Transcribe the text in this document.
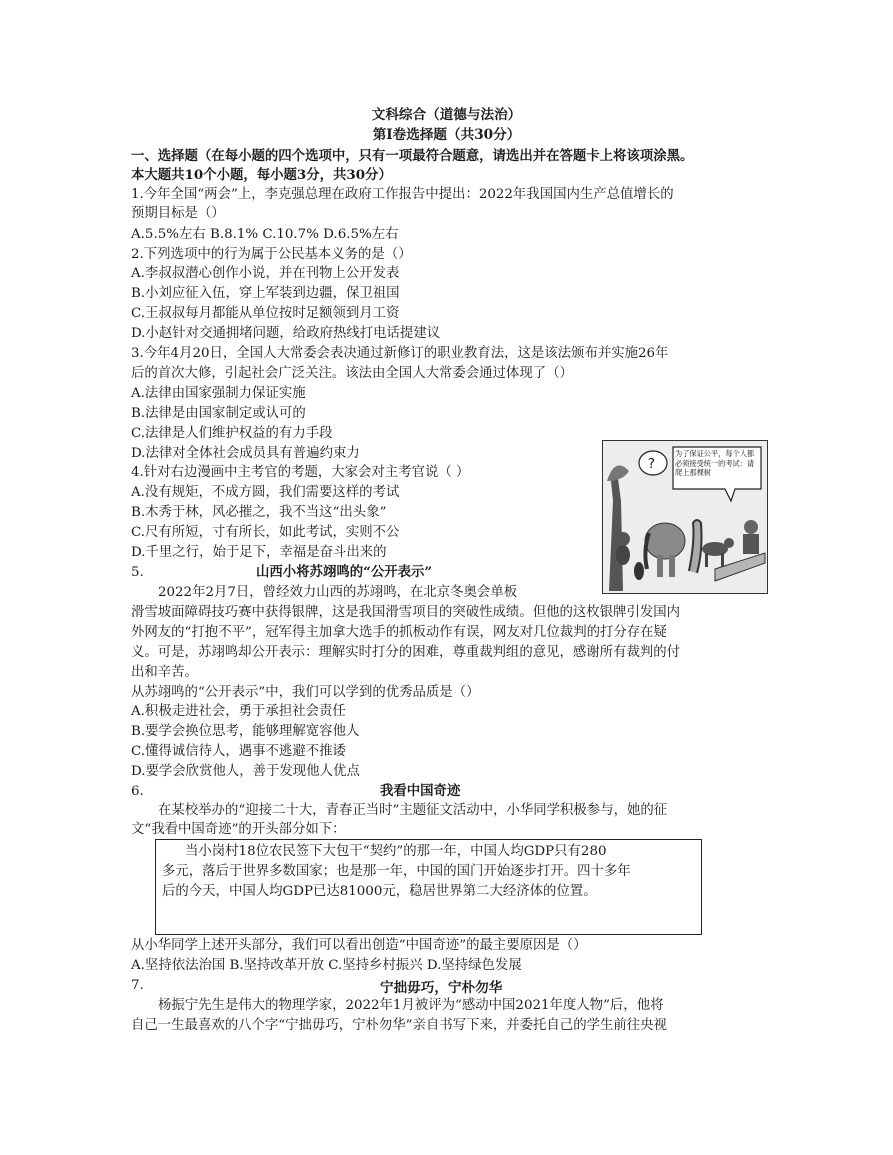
文科综合（道德与法治）
第Ⅰ卷选择题（共30分）
一、选择题（在每小题的四个选项中，只有一项最符合题意，请选出并在答题卡上将该项涂黑。
本大题共10个小题，每小题3分，共30分）
1.今年全国“两会”上，李克强总理在政府工作报告中提出：2022年我国国内生产总值增长的
预期目标是（）
A.5.5%左右 B.8.1% C.10.7% D.6.5%左右
2.下列选项中的行为属于公民基本义务的是（）
A.李叔叔潜心创作小说，并在刊物上公开发表
B.小刘应征入伍，穿上军装到边疆，保卫祖国
C.王叔叔每月都能从单位按时足额领到月工资
D.小赵针对交通拥堵问题，给政府热线打电话提建议
3.今年4月20日，全国人大常委会表决通过新修订的职业教育法，这是该法颁布并实施26年
后的首次大修，引起社会广泛关注。该法由全国人大常委会通过体现了（）
A.法律由国家强制力保证实施
B.法律是由国家制定或认可的
C.法律是人们维护权益的有力手段
D.法律对全体社会成员具有普遍约束力
4.针对右边漫画中主考官的考题，大家会对主考官说（ ）
A.没有规矩，不成方圆，我们需要这样的考试
B.木秀于林，风必摧之，我不当这“出头象”
C.尺有所短，寸有所长，如此考试，实则不公
D.千里之行，始于足下，幸福是奋斗出来的
?
为了保证公平，每个人都必须接受统一的考试：请爬上那棵树
5.	山西小将苏翊鸣的“公开表示”
2022年2月7日，曾经效力山西的苏翊鸣，在北京冬奥会单板
滑雪坡面障碍技巧赛中获得银牌，这是我国滑雪项目的突破性成绩。但他的这枚银牌引发国内
外网友的“打抱不平”，冠军得主加拿大选手的抓板动作有误，网友对几位裁判的打分存在疑
义。可是，苏翊鸣却公开表示：理解实时打分的困难，尊重裁判组的意见，感谢所有裁判的付
出和辛苦。
从苏翊鸣的“公开表示”中，我们可以学到的优秀品质是（）
A.积极走进社会，勇于承担社会责任
B.要学会换位思考，能够理解宽容他人
C.懂得诚信待人，遇事不逃避不推诿
D.要学会欣赏他人，善于发现他人优点
6.	我看中国奇迹
在某校举办的“迎接二十大，青春正当时”主题征文活动中，小华同学积极参与，她的征
文“我看中国奇迹”的开头部分如下：
当小岗村18位农民签下大包干“契约”的那一年，中国人均GDP只有280
多元，落后于世界多数国家；也是那一年，中国的国门开始逐步打开。四十多年
后的今天，中国人均GDP已达81000元，稳居世界第二大经济体的位置。
从小华同学上述开头部分，我们可以看出创造“中国奇迹”的最主要原因是（）
A.坚持依法治国 B.坚持改革开放 C.坚持乡村振兴 D.坚持绿色发展
7.	宁拙毋巧，宁朴勿华
杨振宁先生是伟大的物理学家，2022年1月被评为“感动中国2021年度人物”后，他将
自己一生最喜欢的八个字“宁拙毋巧，宁朴勿华”亲自书写下来，并委托自己的学生前往央视
